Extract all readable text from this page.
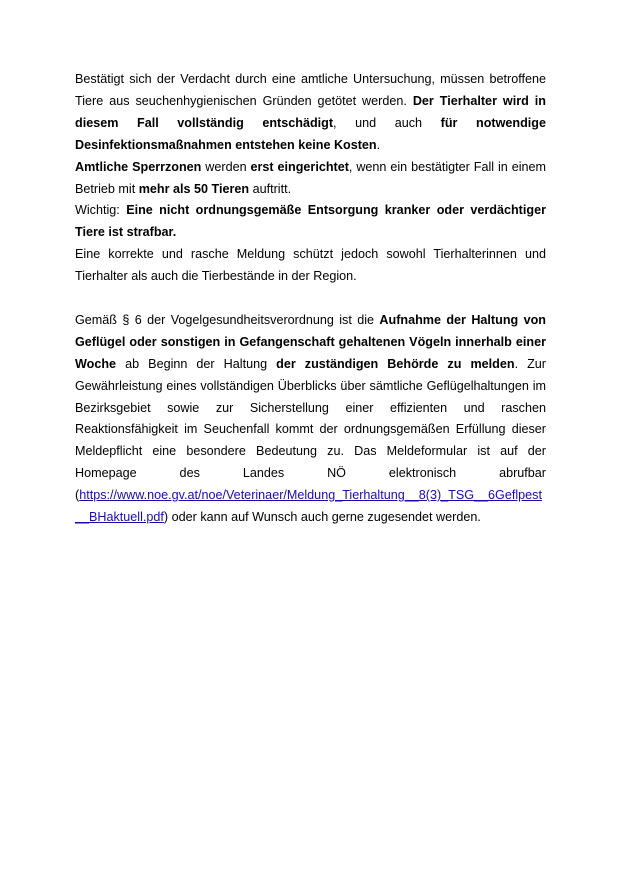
Bestätigt sich der Verdacht durch eine amtliche Untersuchung, müssen betroffene Tiere aus seuchenhygienischen Gründen getötet werden. Der Tierhalter wird in diesem Fall vollständig entschädigt, und auch für notwendige Desinfektionsmaßnahmen entstehen keine Kosten.

Amtliche Sperrzonen werden erst eingerichtet, wenn ein bestätigter Fall in einem Betrieb mit mehr als 50 Tieren auftritt.

Wichtig: Eine nicht ordnungsgemäße Entsorgung kranker oder verdächtiger Tiere ist strafbar.

Eine korrekte und rasche Meldung schützt jedoch sowohl Tierhalterinnen und Tierhalter als auch die Tierbestände in der Region.

Gemäß § 6 der Vogelgesundheitsverordnung ist die Aufnahme der Haltung von Geflügel oder sonstigen in Gefangenschaft gehaltenen Vögeln innerhalb einer Woche ab Beginn der Haltung der zuständigen Behörde zu melden. Zur Gewährleistung eines vollständigen Überblicks über sämtliche Geflügelhaltungen im Bezirksgebiet sowie zur Sicherstellung einer effizienten und raschen Reaktionsfähigkeit im Seuchenfall kommt der ordnungsgemäßen Erfüllung dieser Meldepflicht eine besondere Bedeutung zu. Das Meldeformular ist auf der Homepage des Landes NÖ elektronisch abrufbar

(https://www.noe.gv.at/noe/Veterinaer/Meldung_Tierhaltung__8(3)_TSG__6Geflpest__BHaktuell.pdf) oder kann auf Wunsch auch gerne zugesendet werden.
